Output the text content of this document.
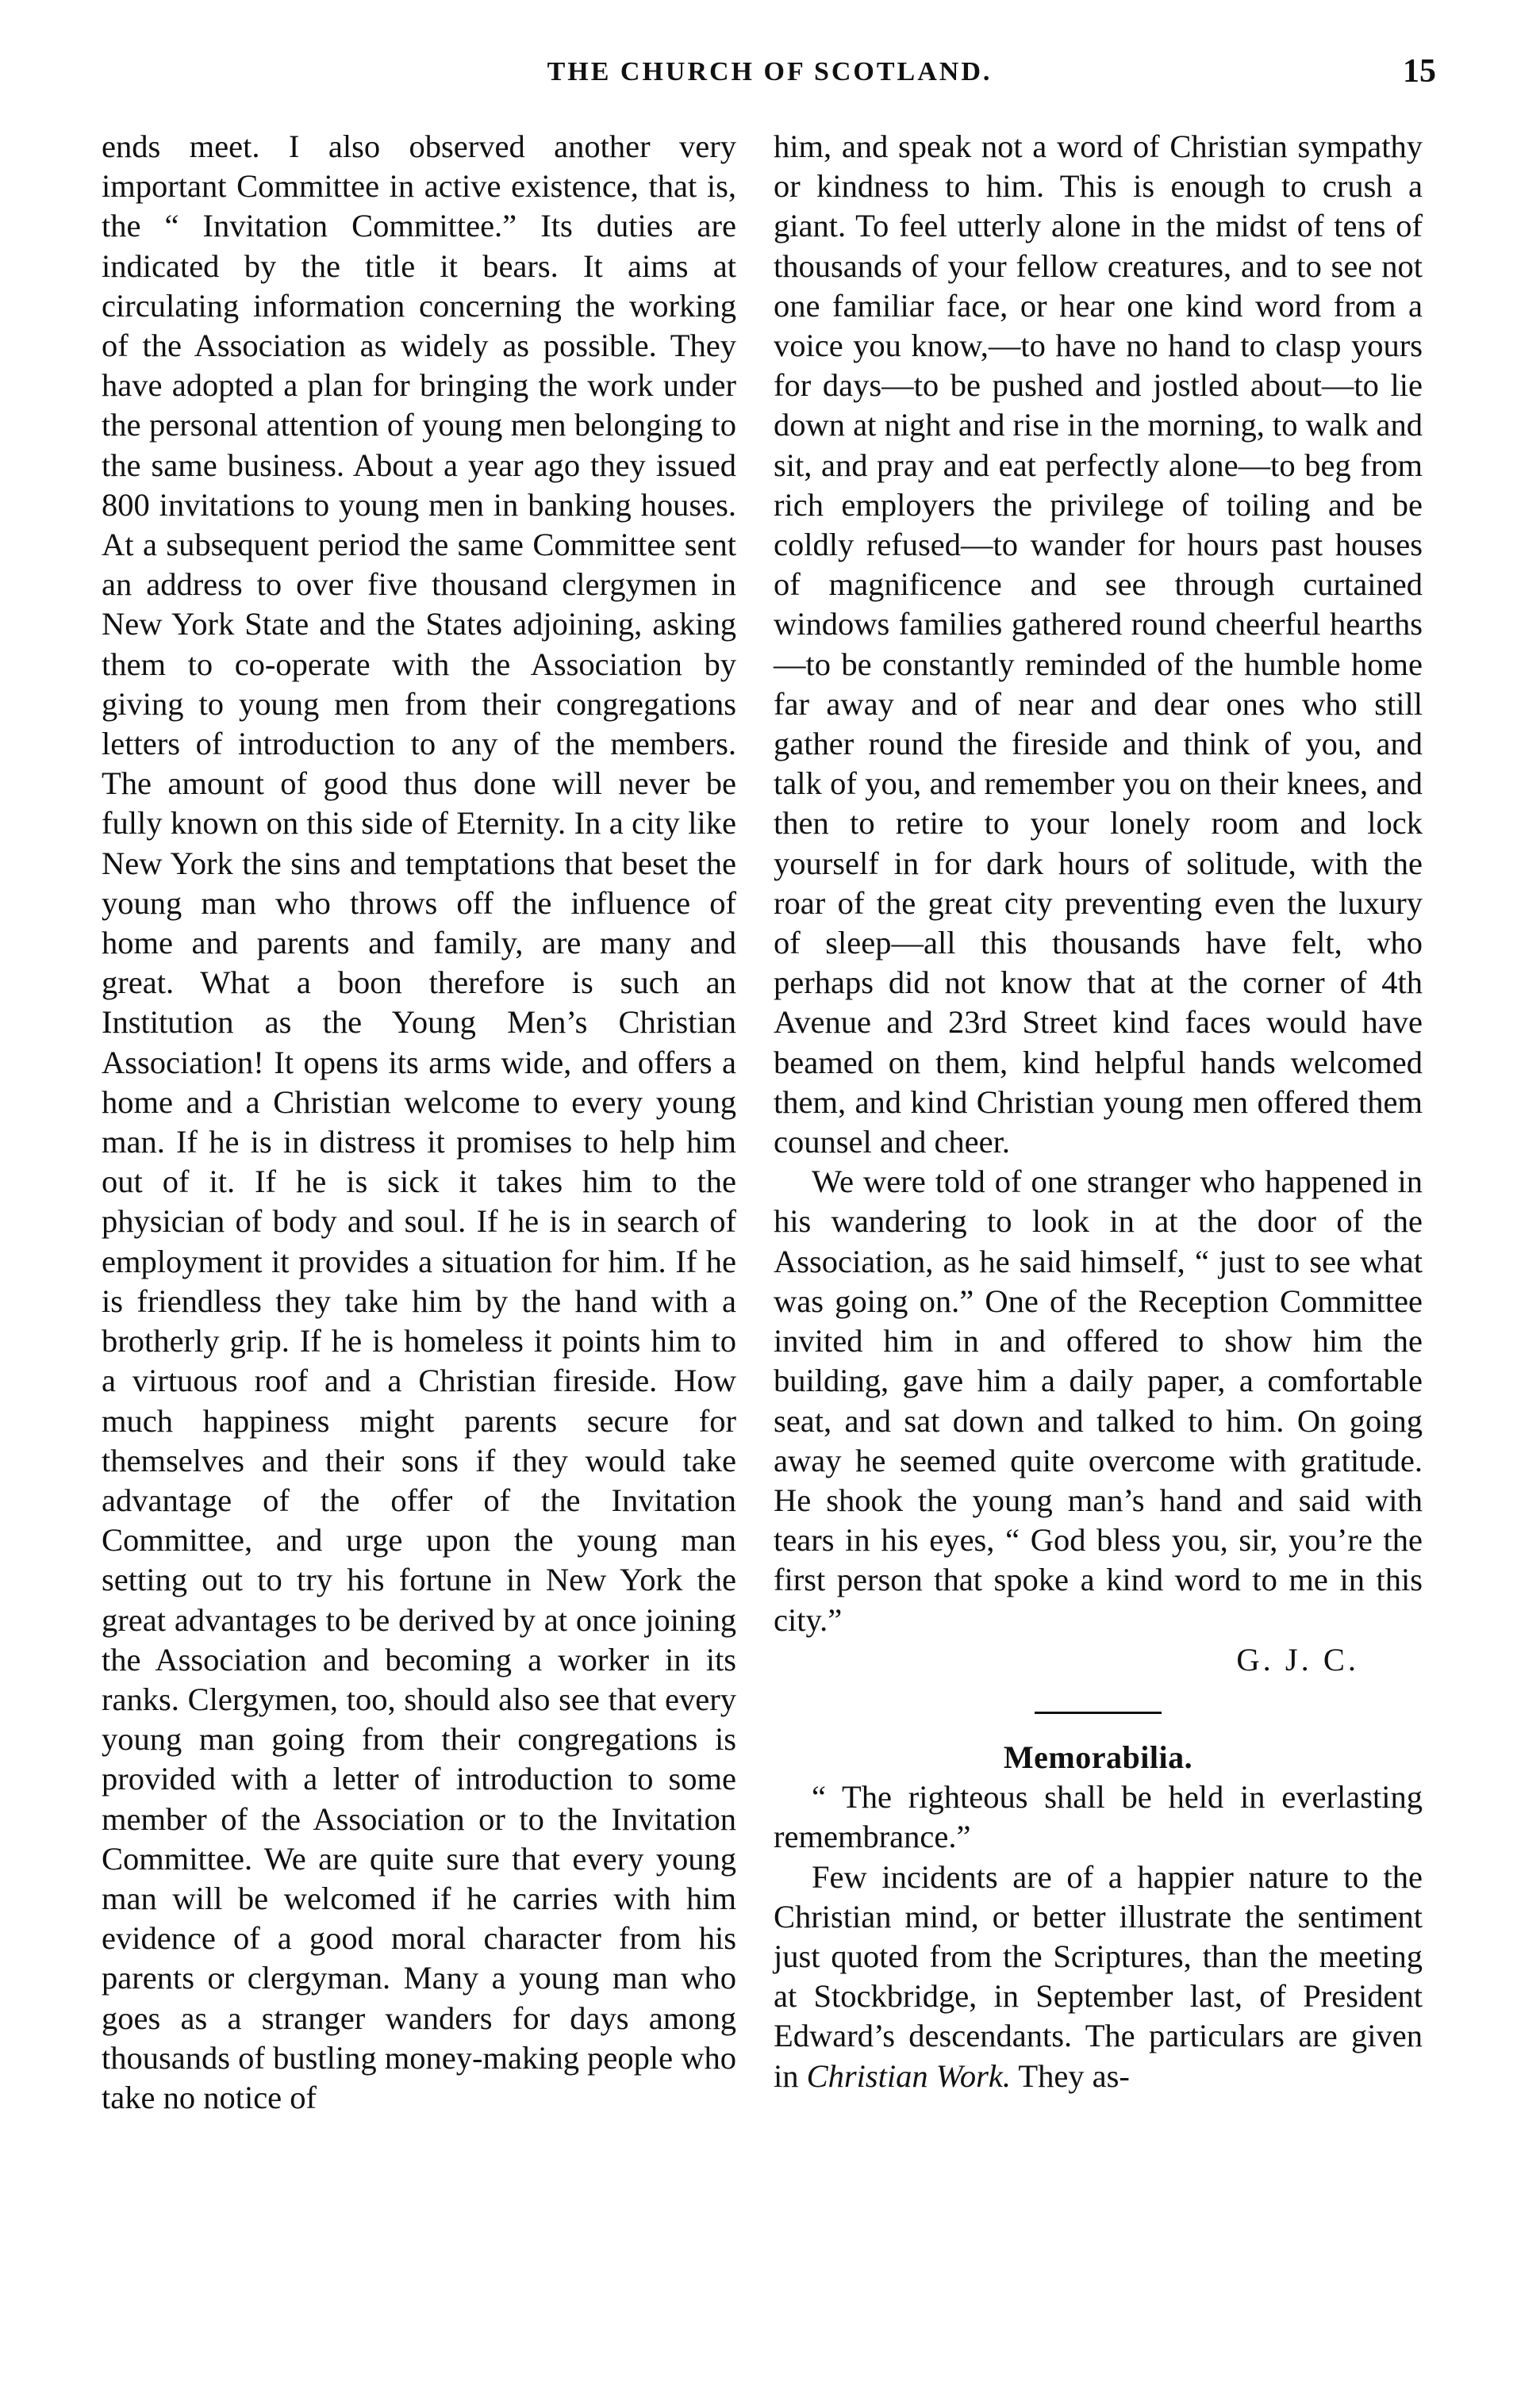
THE CHURCH OF SCOTLAND.	15

ends meet. I also observed another very important Committee in active existence, that is, the “ Invitation Committee.” Its duties are indicated by the title it bears. It aims at circulating information concerning the working of the Association as widely as possible. They have adopted a plan for bringing the work under the personal attention of young men belonging to the same business. About a year ago they issued 800 invitations to young men in banking houses. At a subsequent period the same Committee sent an address to over five thousand clergymen in New York State and the States adjoining, asking them to co-operate with the Association by giving to young men from their congregations letters of introduction to any of the members. The amount of good thus done will never be fully known on this side of Eternity. In a city like New York the sins and temptations that beset the young man who throws off the influence of home and parents and family, are many and great. What a boon therefore is such an Institution as the Young Men’s Christian Association! It opens its arms wide, and offers a home and a Christian welcome to every young man. If he is in distress it promises to help him out of it. If he is sick it takes him to the physician of body and soul. If he is in search of employment it provides a situation for him. If he is friendless they take him by the hand with a brotherly grip. If he is homeless it points him to a virtuous roof and a Christian fireside. How much happiness might parents secure for themselves and their sons if they would take advantage of the offer of the Invitation Committee, and urge upon the young man setting out to try his fortune in New York the great advantages to be derived by at once joining the Association and becoming a worker in its ranks. Clergymen, too, should also see that every young man going from their congregations is provided with a letter of introduction to some member of the Association or to the Invitation Committee. We are quite sure that every young man will be welcomed if he carries with him evidence of a good moral character from his parents or clergyman. Many a young man who goes as a stranger wanders for days among thousands of bustling money-making people who take no notice of

him, and speak not a word of Christian sympathy or kindness to him. This is enough to crush a giant. To feel utterly alone in the midst of tens of thousands of your fellow creatures, and to see not one familiar face, or hear one kind word from a voice you know,—to have no hand to clasp yours for days—to be pushed and jostled about—to lie down at night and rise in the morning, to walk and sit, and pray and eat perfectly alone—to beg from rich employers the privilege of toiling and be coldly refused—to wander for hours past houses of magnificence and see through curtained windows families gathered round cheerful hearths—to be constantly reminded of the humble home far away and of near and dear ones who still gather round the fireside and think of you, and talk of you, and remember you on their knees, and then to retire to your lonely room and lock yourself in for dark hours of solitude, with the roar of the great city preventing even the luxury of sleep—all this thousands have felt, who perhaps did not know that at the corner of 4th Avenue and 23rd Street kind faces would have beamed on them, kind helpful hands welcomed them, and kind Christian young men offered them counsel and cheer.

We were told of one stranger who happened in his wandering to look in at the door of the Association, as he said himself, “ just to see what was going on.” One of the Reception Committee invited him in and offered to show him the building, gave him a daily paper, a comfortable seat, and sat down and talked to him. On going away he seemed quite overcome with gratitude. He shook the young man’s hand and said with tears in his eyes, “ God bless you, sir, you’re the first person that spoke a kind word to me in this city.”

G. J. C.

Memorabilia.

“ The righteous shall be held in everlasting remembrance.”

Few incidents are of a happier nature to the Christian mind, or better illustrate the sentiment just quoted from the Scriptures, than the meeting at Stockbridge, in September last, of President Edward’s descendants. The particulars are given in Christian Work. They as-
